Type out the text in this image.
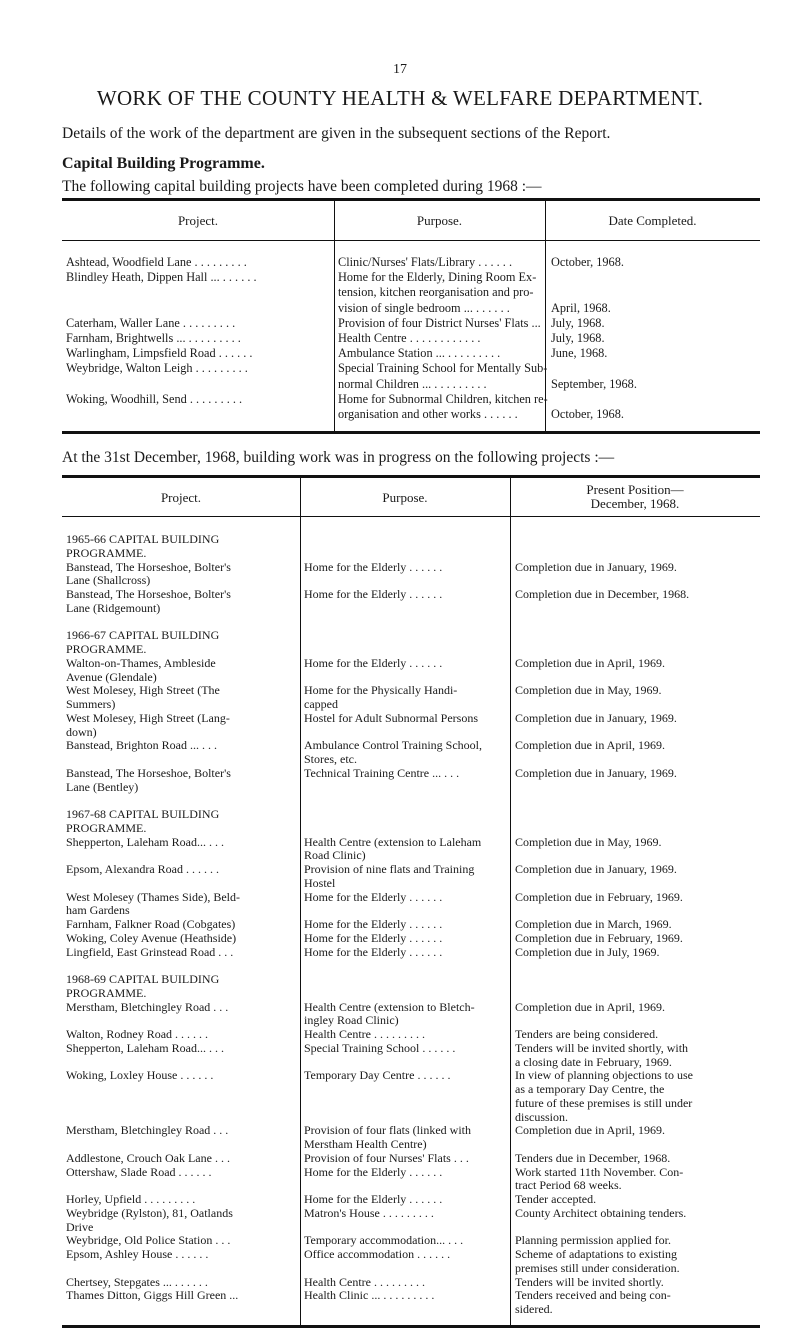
17
WORK OF THE COUNTY HEALTH & WELFARE DEPARTMENT.
Details of the work of the department are given in the subsequent sections of the Report.
Capital Building Programme.
The following capital building projects have been completed during 1968 :—
Project.	Purpose.	Date Completed.
Ashtead, Woodfield Lane . . . . . . . . .	Clinic/Nurses' Flats/Library . . . . . .	October, 1968.
Blindley Heath, Dippen Hall ... . . . . . .	Home for the Elderly, Dining Room Ex-
tension, kitchen reorganisation and pro-
vision of single bedroom ... . . . . . .	April, 1968.
Caterham, Waller Lane . . . . . . . . .	Provision of four District Nurses' Flats ... July, 1968.
Farnham, Brightwells ... . . . . . . . . .	Health Centre . . . . . . . . . . . .	July, 1968.
Warlingham, Limpsfield Road . . . . . .	Ambulance Station ... . . . . . . . . .	June, 1968.
Weybridge, Walton Leigh . . . . . . . . .	Special Training School for Mentally Sub-
normal Children ... . . . . . . . . .	September, 1968.
Woking, Woodhill, Send . . . . . . . . .	Home for Subnormal Children, kitchen re-
organisation and other works . . . . . .	October, 1968.
At the 31st December, 1968, building work was in progress on the following projects :—
Project.	Purpose.
Present Position—
December, 1968.
1965-66 CAPITAL BUILDING
PROGRAMME.
Banstead, The Horseshoe, Bolter's	Home for the Elderly . . . . . .	Completion due in January, 1969.
Lane (Shallcross)
Banstead, The Horseshoe, Bolter's	Home for the Elderly . . . . . .	Completion due in December, 1968.
Lane (Ridgemount)
1966-67 CAPITAL BUILDING
PROGRAMME.
Walton-on-Thames, Ambleside	Home for the Elderly . . . . . .	Completion due in April, 1969.
Avenue (Glendale)
West Molesey, High Street (The	Home for the Physically Handi-	Completion due in May, 1969.
Summers)	capped
West Molesey, High Street (Lang-	Hostel for Adult Subnormal Persons	Completion due in January, 1969.
down)
Banstead, Brighton Road ... . . .	Ambulance Control Training School,	Completion due in April, 1969.
Stores, etc.
Banstead, The Horseshoe, Bolter's	Technical Training Centre ... . . .	Completion due in January, 1969.
Lane (Bentley)
1967-68 CAPITAL BUILDING
PROGRAMME.
Shepperton, Laleham Road... . . .	Health Centre (extension to Laleham	Completion due in May, 1969.
Road Clinic)
Epsom, Alexandra Road . . . . . .	Provision of nine flats and Training	Completion due in January, 1969.
Hostel
West Molesey (Thames Side), Beld-	Home for the Elderly . . . . . .	Completion due in February, 1969.
ham Gardens
Farnham, Falkner Road (Cobgates)	Home for the Elderly . . . . . .	Completion due in March, 1969.
Woking, Coley Avenue (Heathside)	Home for the Elderly . . . . . .	Completion due in February, 1969.
Lingfield, East Grinstead Road . . .	Home for the Elderly . . . . . .	Completion due in July, 1969.
1968-69 CAPITAL BUILDING
PROGRAMME.
Merstham, Bletchingley Road . . .	Health Centre (extension to Bletch-	Completion due in April, 1969.
ingley Road Clinic)
Walton, Rodney Road . . . . . .	Health Centre . . . . . . . . .	Tenders are being considered.
Shepperton, Laleham Road... . . .	Special Training School . . . . . .	Tenders will be invited shortly, with
a closing date in February, 1969.
Woking, Loxley House . . . . . .	Temporary Day Centre . . . . . .	In view of planning objections to use
as a temporary Day Centre, the
future of these premises is still under
discussion.
Merstham, Bletchingley Road . . .	Provision of four flats (linked with	Completion due in April, 1969.
Merstham Health Centre)
Addlestone, Crouch Oak Lane . . .	Provision of four Nurses' Flats . . .	Tenders due in December, 1968.
Ottershaw, Slade Road . . . . . .	Home for the Elderly . . . . . .	Work started 11th November. Con-
tract Period 68 weeks.
Horley, Upfield . . . . . . . . .	Home for the Elderly . . . . . .	Tender accepted.
Weybridge (Rylston), 81, Oatlands	Matron's House . . . . . . . . .	County Architect obtaining tenders.
Drive
Weybridge, Old Police Station . . .	Temporary accommodation... . . .	Planning permission applied for.
Epsom, Ashley House . . . . . .	Office accommodation . . . . . .	Scheme of adaptations to existing
premises still under consideration.
Chertsey, Stepgates ... . . . . . .	Health Centre . . . . . . . . .	Tenders will be invited shortly.
Thames Ditton, Giggs Hill Green ...	Health Clinic ... . . . . . . . . .	Tenders received and being con-
sidered.
